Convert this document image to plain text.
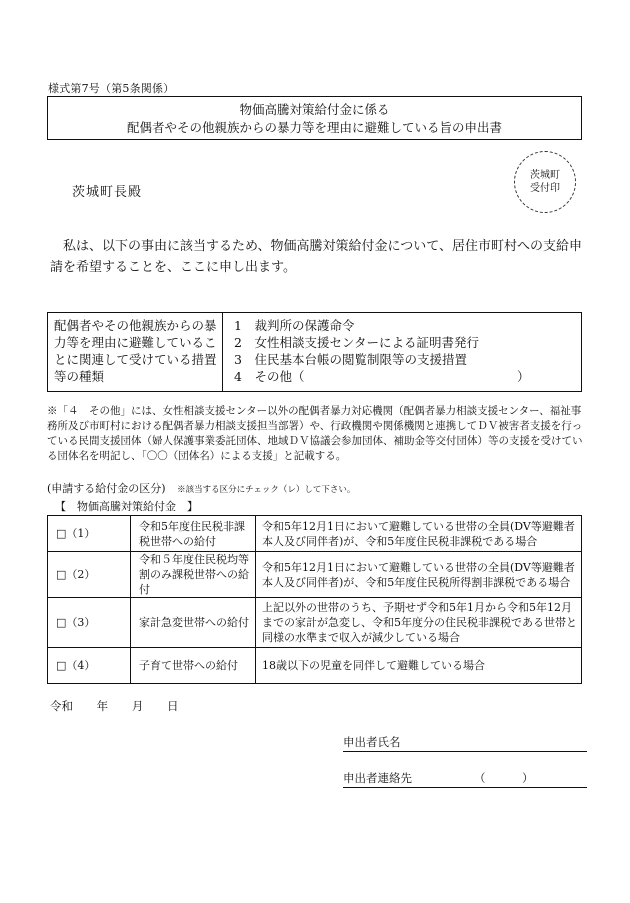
様式第7号（第5条関係）
物価高騰対策給付金に係る
配偶者やその他親族からの暴力等を理由に避難している旨の申出書
茨城町
受付印
茨城町長殿
私は、以下の事由に該当するため、物価高騰対策給付金について、居住市町村への支給申請を希望することを、ここに申し出ます。
配偶者やその他親族からの暴力等を理由に避難していることに関連して受けている措置等の種類
1　裁判所の保護命令
2　女性相談支援センターによる証明書発行
3　住民基本台帳の閲覧制限等の支援措置
4　その他（　　　　　　　　　　　　　　　　　）
※「４　その他」には、女性相談支援センター以外の配偶者暴力対応機関（配偶者暴力相談支援センター、福祉事務所及び市町村における配偶者暴力相談支援担当部署）や、行政機関や関係機関と連携してＤＶ被害者支援を行っている民間支援団体（婦人保護事業委託団体、地域ＤＶ協議会参加団体、補助金等交付団体）等の支援を受けている団体名を明記し、「〇〇（団体名）による支援」と記載する。
(申請する給付金の区分) ※該当する区分にチェック（レ）して下さい。
【　物価高騰対策給付金　】
□（1）	令和5年度住民税非課税世帯への給付	令和5年12月1日において避難している世帯の全員(DV等避難者本人及び同伴者)が、令和5年度住民税非課税である場合
□（2）	令和５年度住民税均等割のみ課税世帯への給付	令和5年12月1日において避難している世帯の全員(DV等避難者本人及び同伴者)が、令和5年度住民税所得割非課税である場合
□（3）	家計急変世帯への給付	上記以外の世帯のうち、予期せず令和5年1月から令和5年12月までの家計が急変し、令和5年度分の住民税非課税である世帯と同様の水準まで収入が減少している場合
□（4）	子育て世帯への給付	18歳以下の児童を同伴して避難している場合
令和 年 月 日
申出者氏名
申出者連絡先	（	）
